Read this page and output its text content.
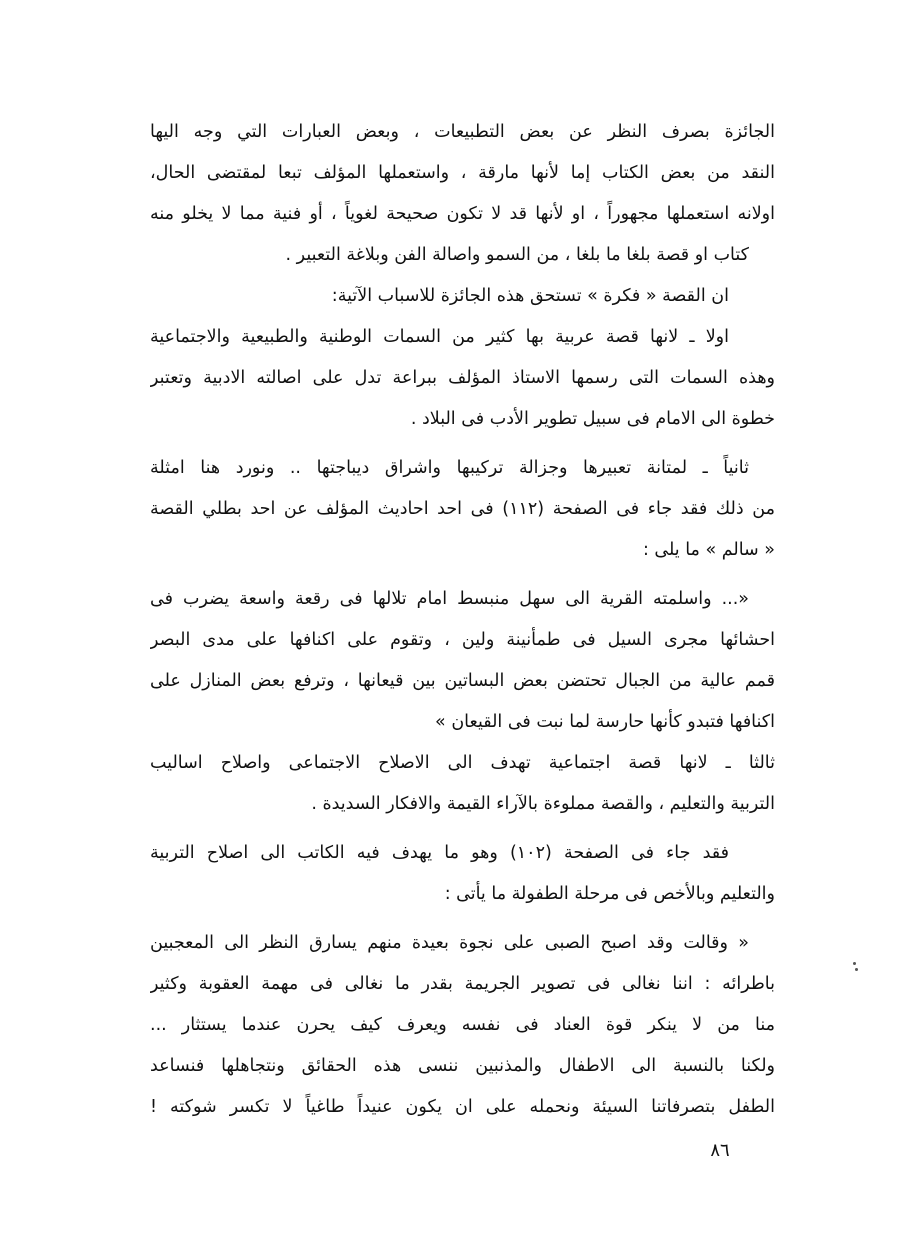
الجائزة بصرف النظر عن بعض التطبيعات ، وبعض العبارات التي وجه اليها
النقد من بعض الكتاب إما لأنها مارقة ، واستعملها المؤلف تبعا لمقتضى الحال،
اولانه استعملها مجهوراً ، او لأنها قد لا تكون صحيحة لغوياً ، أو فنية مما لا يخلو منه
كتاب او قصة بلغا ما بلغا ، من السمو واصالة الفن وبلاغة التعبير .
ان القصة « فكرة » تستحق هذه الجائزة للاسباب الآتية:
اولا ـ لانها قصة عربية بها كثير من السمات الوطنية والطبيعية والاجتماعية
وهذه السمات التى رسمها الاستاذ المؤلف ببراعة تدل على اصالته الادبية وتعتبر
خطوة الى الامام فى سبيل تطوير الأدب فى البلاد .
ثانياً ـ لمتانة تعبيرها وجزالة تركيبها واشراق ديباجتها .. ونورد هنا امثلة
من ذلك فقد جاء فى الصفحة (١١٢) فى احد احاديث المؤلف عن احد بطلي القصة
« سالم » ما يلى :
«... واسلمته القرية الى سهل منبسط امام تلالها فى رقعة واسعة يضرب فى
احشائها مجرى السيل فى طمأنينة ولين ، وتقوم على اكنافها على مدى البصر
قمم عالية من الجبال تحتضن بعض البساتين بين قيعانها ، وترفع بعض المنازل على
اكنافها فتبدو كأنها حارسة لما نبت فى القيعان »
ثالثا ـ لانها قصة اجتماعية تهدف الى الاصلاح الاجتماعى واصلاح اساليب
التربية والتعليم ، والقصة مملوءة بالآراء القيمة والافكار السديدة .
فقد جاء فى الصفحة (١٠٢) وهو ما يهدف فيه الكاتب الى اصلاح التربية
والتعليم وبالأخص فى مرحلة الطفولة ما يأتى :
« وقالت وقد اصبح الصبى على نجوة بعيدة منهم يسارق النظر الى المعجبين
باطرائه : اننا نغالى فى تصوير الجريمة بقدر ما نغالى فى مهمة العقوبة وكثير
منا من لا ينكر قوة العناد فى نفسه ويعرف كيف يحرن عندما يستثار ...
ولكنا بالنسبة الى الاطفال والمذنبين ننسى هذه الحقائق ونتجاهلها فنساعد
الطفل بتصرفاتنا السيئة ونحمله على ان يكون عنيداً طاغياً لا تكسر شوكته !
٨٦
